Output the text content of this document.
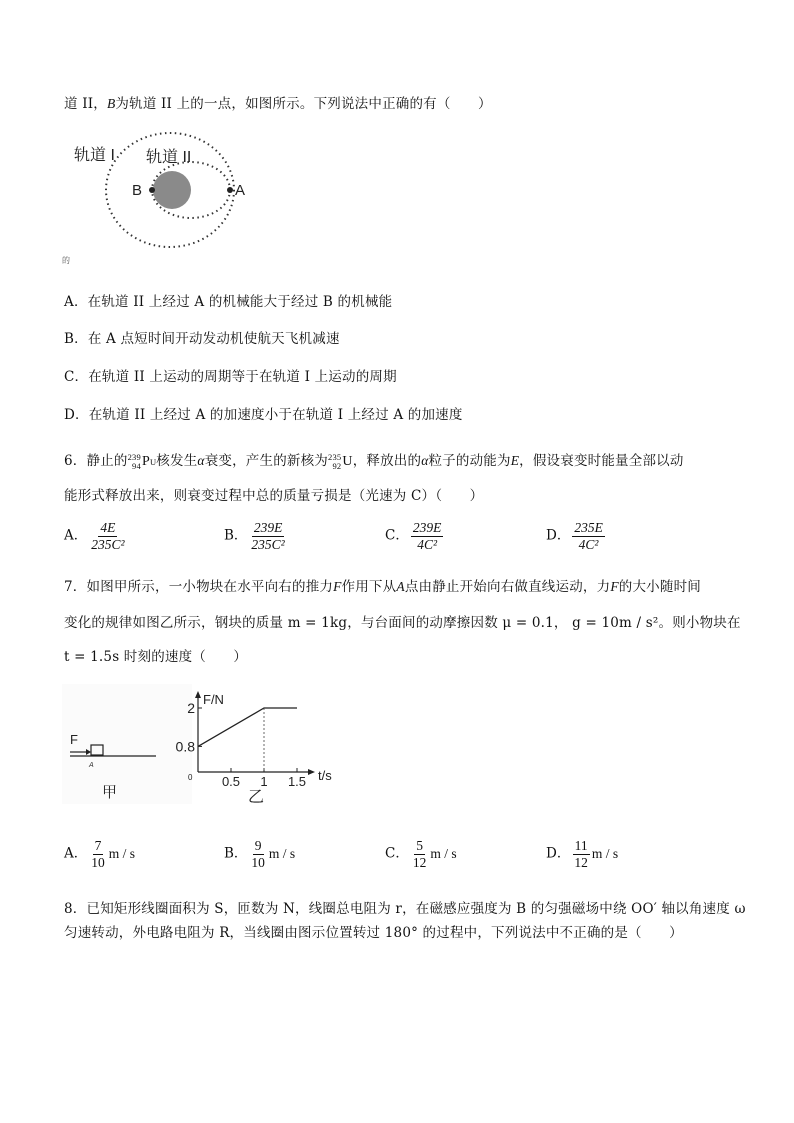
道 II，B为轨道 II 上的一点，如图所示。下列说法中正确的有（　　）
轨道 I 轨道 II
B	A
的
A．在轨道 II 上经过 A 的机械能大于经过 B 的机械能
B．在 A 点短时间开动发动机使航天飞机减速
C．在轨道 II 上运动的周期等于在轨道 I 上运动的周期
D．在轨道 II 上经过 A 的加速度小于在轨道 I 上经过 A 的加速度
6．静止的 239
94 P U 核发生α衰变，产生的新核为 235
92 U ，释放出的α粒子的动能为E，假设衰变时能量全部以动
能形式释放出来，则衰变过程中总的质量亏损是（光速为 C）（　　）
A． $\frac{4E}{\text{235C²}}$	B． $\frac{239E}{\text{235C²}}$	C． $\frac{239E}{\text{4C²}}$	D． $\frac{235E}{\text{4C²}}$
7．如图甲所示，一小物块在水平向右的推力F作用下从A点由静止开始向右做直线运动，力F的大小随时间
变化的规律如图乙所示，钢块的质量 m = 1kg，与台面间的动摩擦因数 μ = 0.1， g = 10m / s²。则小物块在
t = 1.5s 时刻的速度（　　）
F
A
甲
F/N
t/s
0
0.8
2
0.5 1 1.5
乙
A． $\frac{7}{10}$ m / s	B． $\frac{9}{10}$ m / s	C． $\frac{5}{12}$ m / s	D． $\frac{11}{12}$ m / s
8．已知矩形线圈面积为 S，匝数为 N，线圈总电阻为 r，在磁感应强度为 B 的匀强磁场中绕 OO′ 轴以角速度 ω
匀速转动，外电路电阻为 R，当线圈由图示位置转过 180° 的过程中，下列说法中不正确的是（　　）
